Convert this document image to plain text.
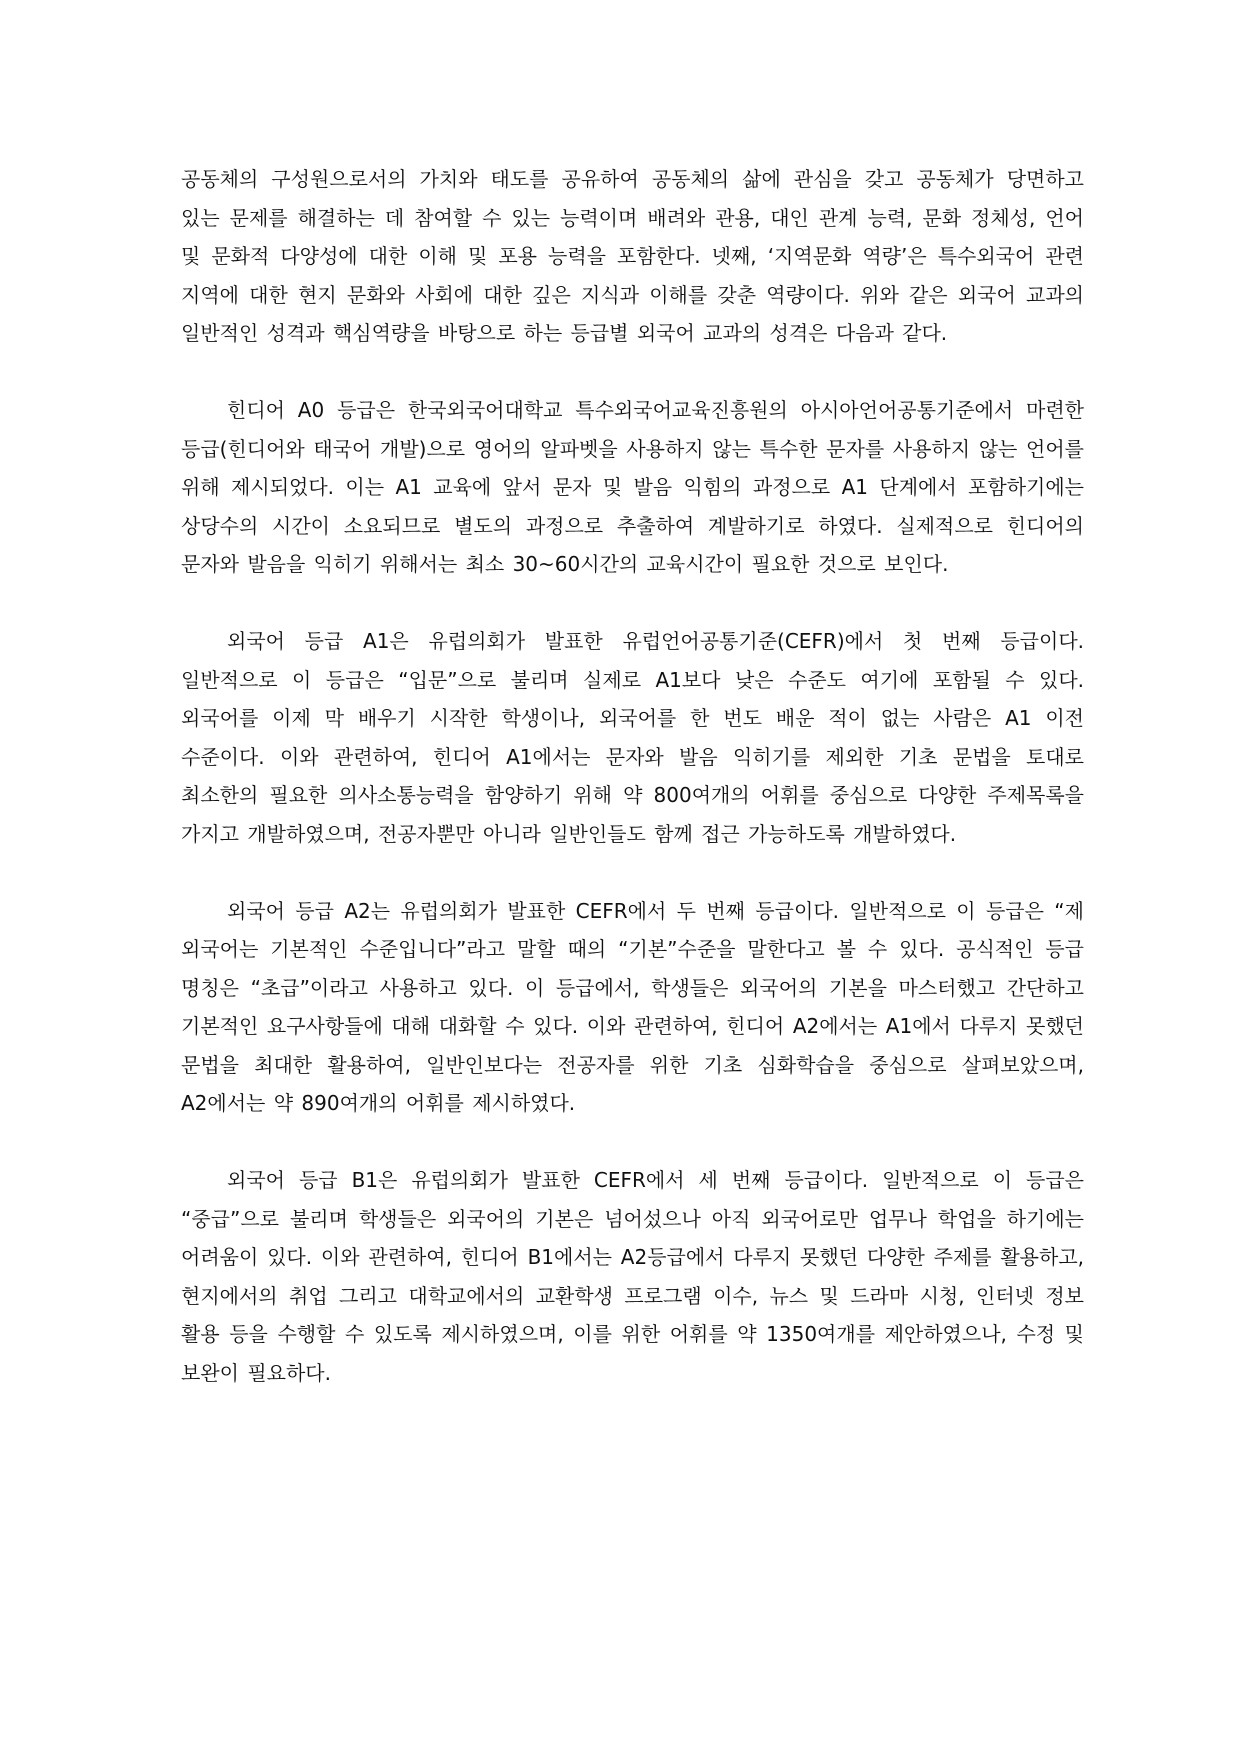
공동체의 구성원으로서의 가치와 태도를 공유하여 공동체의 삶에 관심을 갖고 공동체가 당면하고 있는 문제를 해결하는 데 참여할 수 있는 능력이며 배려와 관용, 대인 관계 능력, 문화 정체성, 언어 및 문화적 다양성에 대한 이해 및 포용 능력을 포함한다. 넷째, ‘지역문화 역량’은 특수외국어 관련 지역에 대한 현지 문화와 사회에 대한 깊은 지식과 이해를 갖춘 역량이다. 위와 같은 외국어 교과의 일반적인 성격과 핵심역량을 바탕으로 하는 등급별 외국어 교과의 성격은 다음과 같다.

힌디어 A0 등급은 한국외국어대학교 특수외국어교육진흥원의 아시아언어공통기준에서 마련한 등급(힌디어와 태국어 개발)으로 영어의 알파벳을 사용하지 않는 특수한 문자를 사용하지 않는 언어를 위해 제시되었다. 이는 A1 교육에 앞서 문자 및 발음 익힘의 과정으로 A1 단계에서 포함하기에는 상당수의 시간이 소요되므로 별도의 과정으로 추출하여 계발하기로 하였다. 실제적으로 힌디어의 문자와 발음을 익히기 위해서는 최소 30~60시간의 교육시간이 필요한 것으로 보인다.

외국어 등급 A1은 유럽의회가 발표한 유럽언어공통기준(CEFR)에서 첫 번째 등급이다. 일반적으로 이 등급은 “입문”으로 불리며 실제로 A1보다 낮은 수준도 여기에 포함될 수 있다. 외국어를 이제 막 배우기 시작한 학생이나, 외국어를 한 번도 배운 적이 없는 사람은 A1 이전 수준이다. 이와 관련하여, 힌디어 A1에서는 문자와 발음 익히기를 제외한 기초 문법을 토대로 최소한의 필요한 의사소통능력을 함양하기 위해 약 800여개의 어휘를 중심으로 다양한 주제목록을 가지고 개발하였으며, 전공자뿐만 아니라 일반인들도 함께 접근 가능하도록 개발하였다.

외국어 등급 A2는 유럽의회가 발표한 CEFR에서 두 번째 등급이다. 일반적으로 이 등급은 “제 외국어는 기본적인 수준입니다”라고 말할 때의 “기본”수준을 말한다고 볼 수 있다. 공식적인 등급 명칭은 “초급”이라고 사용하고 있다. 이 등급에서, 학생들은 외국어의 기본을 마스터했고 간단하고 기본적인 요구사항들에 대해 대화할 수 있다. 이와 관련하여, 힌디어 A2에서는 A1에서 다루지 못했던 문법을 최대한 활용하여, 일반인보다는 전공자를 위한 기초 심화학습을 중심으로 살펴보았으며, A2에서는 약 890여개의 어휘를 제시하였다.

외국어 등급 B1은 유럽의회가 발표한 CEFR에서 세 번째 등급이다. 일반적으로 이 등급은 “중급”으로 불리며 학생들은 외국어의 기본은 넘어섰으나 아직 외국어로만 업무나 학업을 하기에는 어려움이 있다. 이와 관련하여, 힌디어 B1에서는 A2등급에서 다루지 못했던 다양한 주제를 활용하고, 현지에서의 취업 그리고 대학교에서의 교환학생 프로그램 이수, 뉴스 및 드라마 시청, 인터넷 정보 활용 등을 수행할 수 있도록 제시하였으며, 이를 위한 어휘를 약 1350여개를 제안하였으나, 수정 및 보완이 필요하다.
